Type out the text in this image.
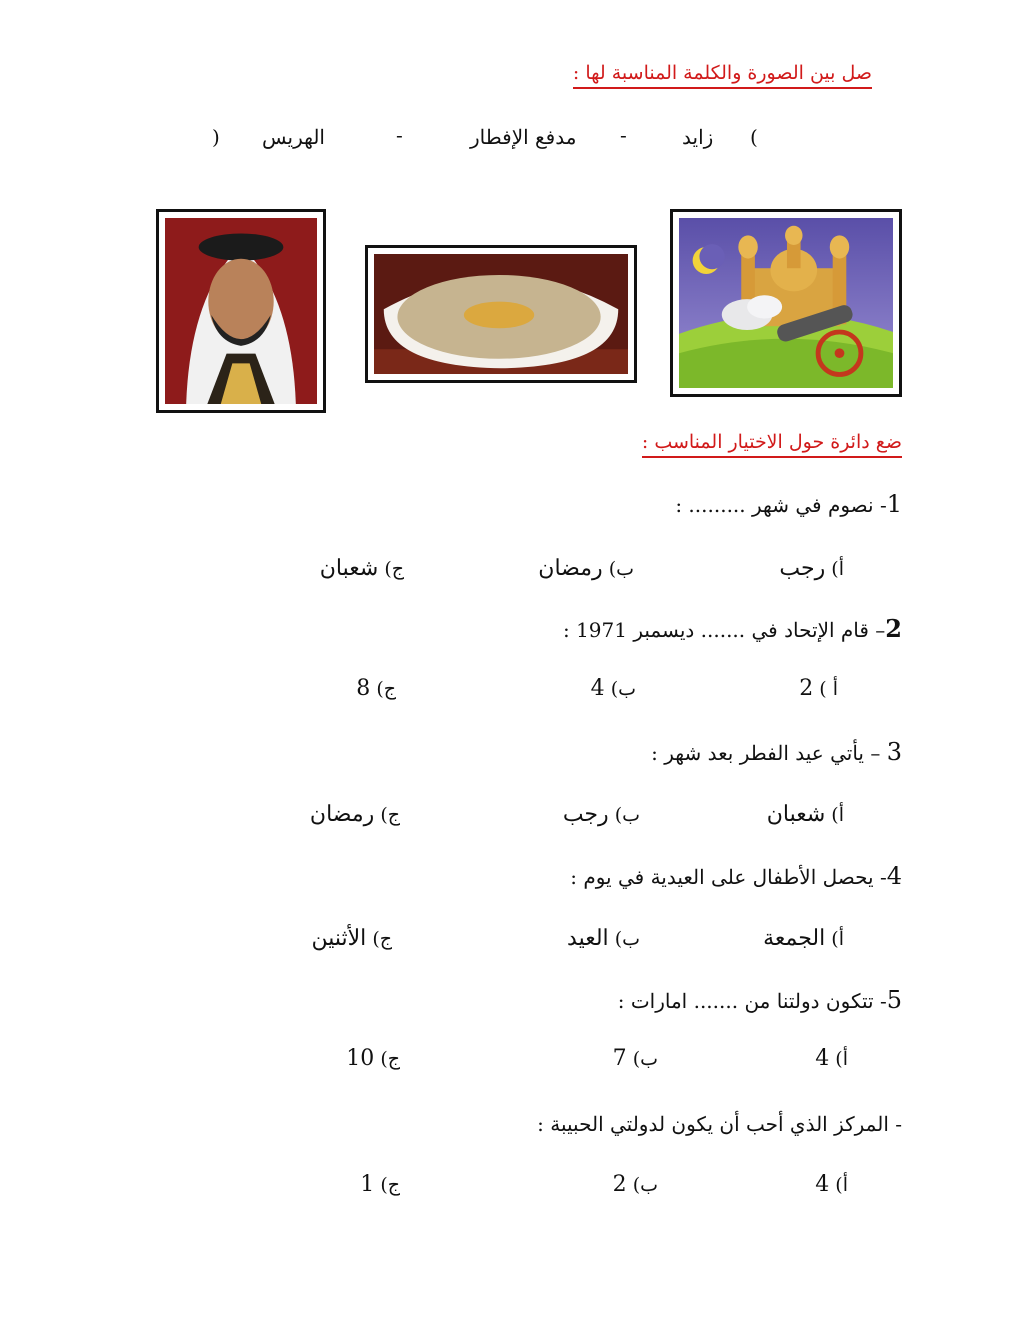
صل بين الصورة والكلمة المناسبة لها :
(
زايد
-
مدفع الإفطار
-
الهريس
)
ضع دائرة حول الاختيار المناسب :
1- نصوم في شهر ......... :
أ) رجب
ب) رمضان
ج) شعبان
2– قام الإتحاد في ....... ديسمبر 1971 :
أ ) 2
ب) 4
ج) 8
3 – يأتي عيد الفطر بعد شهر :
أ) شعبان
ب) رجب
ج) رمضان
4- يحصل الأطفال على العيدية في يوم :
أ) الجمعة
ب) العيد
ج) الأثنين
5- تتكون دولتنا من ....... امارات :
أ) 4
ب) 7
ج) 10
- المركز الذي أحب أن يكون لدولتي الحبيبة :
أ) 4
ب) 2
ج) 1
